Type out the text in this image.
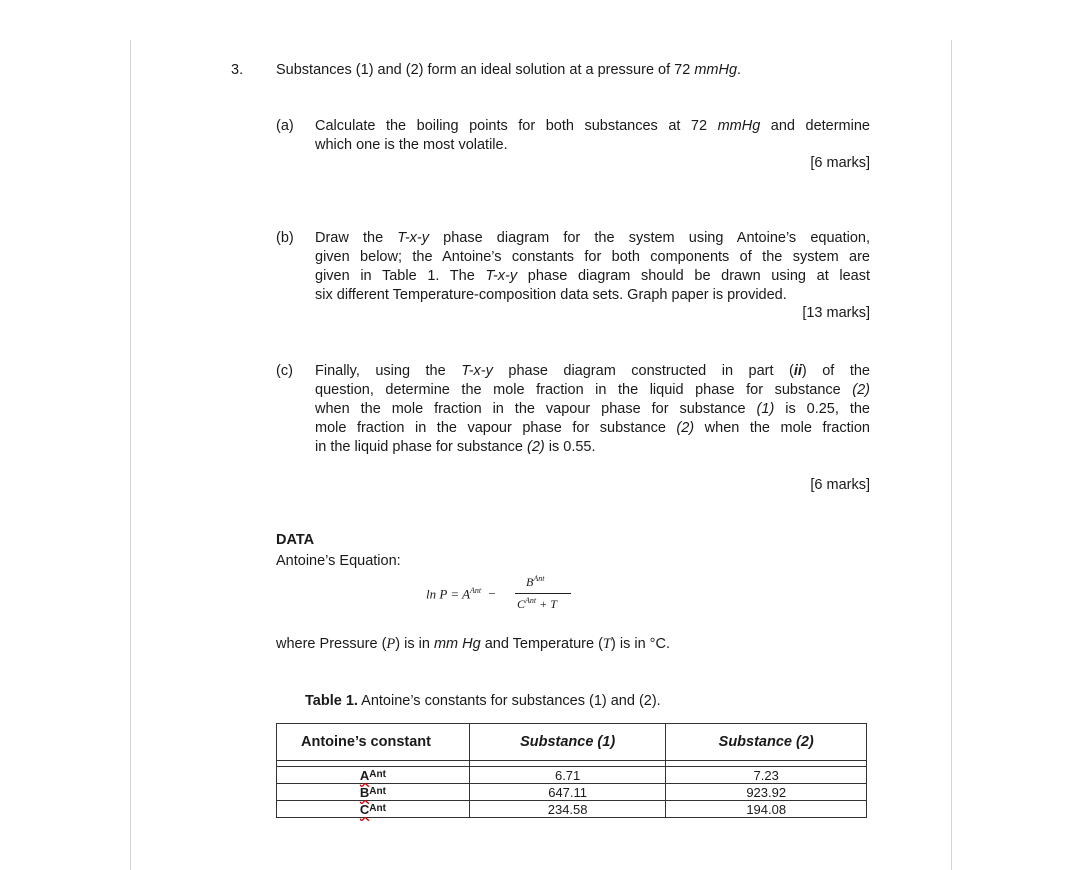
3. Substances (1) and (2) form an ideal solution at a pressure of 72 mmHg.
(a) Calculate the boiling points for both substances at 72 mmHg and determine
which one is the most volatile.
[6 marks]
(b) Draw the T-x-y phase diagram for the system using Antoine’s equation,
given below; the Antoine’s constants for both components of the system are
given in Table 1. The T-x-y phase diagram should be drawn using at least
six different Temperature-composition data sets. Graph paper is provided.
[13 marks]
(c) Finally, using the T-x-y phase diagram constructed in part (ii) of the
question, determine the mole fraction in the liquid phase for substance (2)
when the mole fraction in the vapour phase for substance (1) is 0.25, the
mole fraction in the vapour phase for substance (2) when the mole fraction
in the liquid phase for substance (2) is 0.55.
[6 marks]
DATA
Antoine’s Equation:
$\ln P = A^{Ant}$ −
$B^{Ant}$
$C^{Ant} + T$
where Pressure (P) is in mm Hg and Temperature (T) is in °C.
Table 1. Antoine’s constants for substances (1) and (2).
Antoine’s constant	Substance (1)	Substance (2)

$A^{Ant}$	6.71	7.23
$B^{Ant}$	647.11	923.92
$C^{Ant}$	234.58	194.08
